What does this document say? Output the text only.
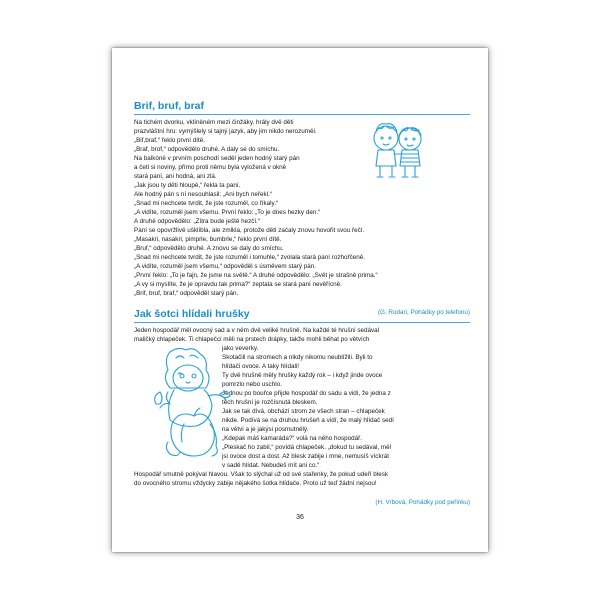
Brif, bruf, braf

Na tichém dvorku, vklíněném mezi činžáky, hrály dvě děti

prazvláštní hru: vymýšlely si tajný jazyk, aby jim nikdo nerozuměl.

„Bif,braf,“ řeklo první dítě.

„Braf, brof,“ odpovědělo druhé. A daly se do smíchu.

Na balkóně v prvním poschodí seděl jeden hodný starý pán

a četl si noviny, přímo proti němu byla vyložená v okně

stará paní, ani hodná, ani zlá.

„Jak jsou ty děti hloupé,“ řekla ta paní.

Ale hodný pán s ní nesouhlasil: „Ani bych neřekl.“

„Snad mi nechcete tvrdit, že jste rozuměl, co říkaly.“

„A vidíte, rozuměl jsem všemu. První řeklo: „To je dnes hezky den.“

A druhé odpovědělo: „Zítra bude ještě hezčí.“

Paní se opovržlivě ušklíbla, ale zmlkla, protože děti začaly znovu hovořit svou řečí.

„Masakri, nasakri, pimprle, bumbrle,“ řeklo první dítě.

„Bruf,“ odpovědělo druhé. A znovu se daly do smíchu.

„Snad mi nechcete tvrdit, že jste rozuměl i tomuhle,“ zvolala stará paní rozhořčeně.

„A vidíte, rozuměl jsem všemu,“ odpověděl s úsměvem starý pán.

„První řeklo: „To je fajn, že jsme na světě.“ A druhé odpovědělo: „Svět je strašně prima.“

„A vy si myslíte, že je opravdu tak prima?“ zeptala se stará paní nevěřícně.

„Brif, bruf, braf,“ odpověděl starý pán.

(G. Rodari, Pohádky po telefonu)
Jak šotci hlídali hrušky

Jeden hospodář měl ovocný sad a v něm dvě veliké hrušně. Na každé té hrušni sedával

maličký chlapeček. Ti chlapečci měli na prstech drápky, takže mohli běhat po větvích

jako veverky.

Skotačili na stromech a nikdy nikomu neublížili. Byli to

hlídači ovoce. A taky hlídali!

Ty dvě hrušně měly hrušky každý rok – i když jinde ovoce

pomrzlo nebo uschlo.

Jednou po bouřce přijde hospodář do sadu a vidí, že jedna z

těch hrušní je rozčísnutá bleskem.

Jak se tak dívá, obchází strom ze všech stran – chlapeček

nikde. Podívá se na druhou hrušeň a vidí, že malý hlídač sedí

na větvi a je jakýsi posmutnělý.

„Kdepak máš kamaráda?“ volá na něho hospodář.

„Pleskač ho zabil,“ povídá chlapeček. „dokud tu sedával, měl

jsi ovoce dost a dost. Až blesk zabije i mne, nemusíš víckrát

v sadě hlídat. Nebudeš mít ani co.“

Hospodář smutně pokýval hlavou. Však to slýchal už od své stařenky, že pokud udeří blesk

do ovocného stromu vždycky zabije nějakého šotka hlídače. Proto už teď žádní nejsou!

(H. Vrbová, Pohádky pod peřinku)
36
